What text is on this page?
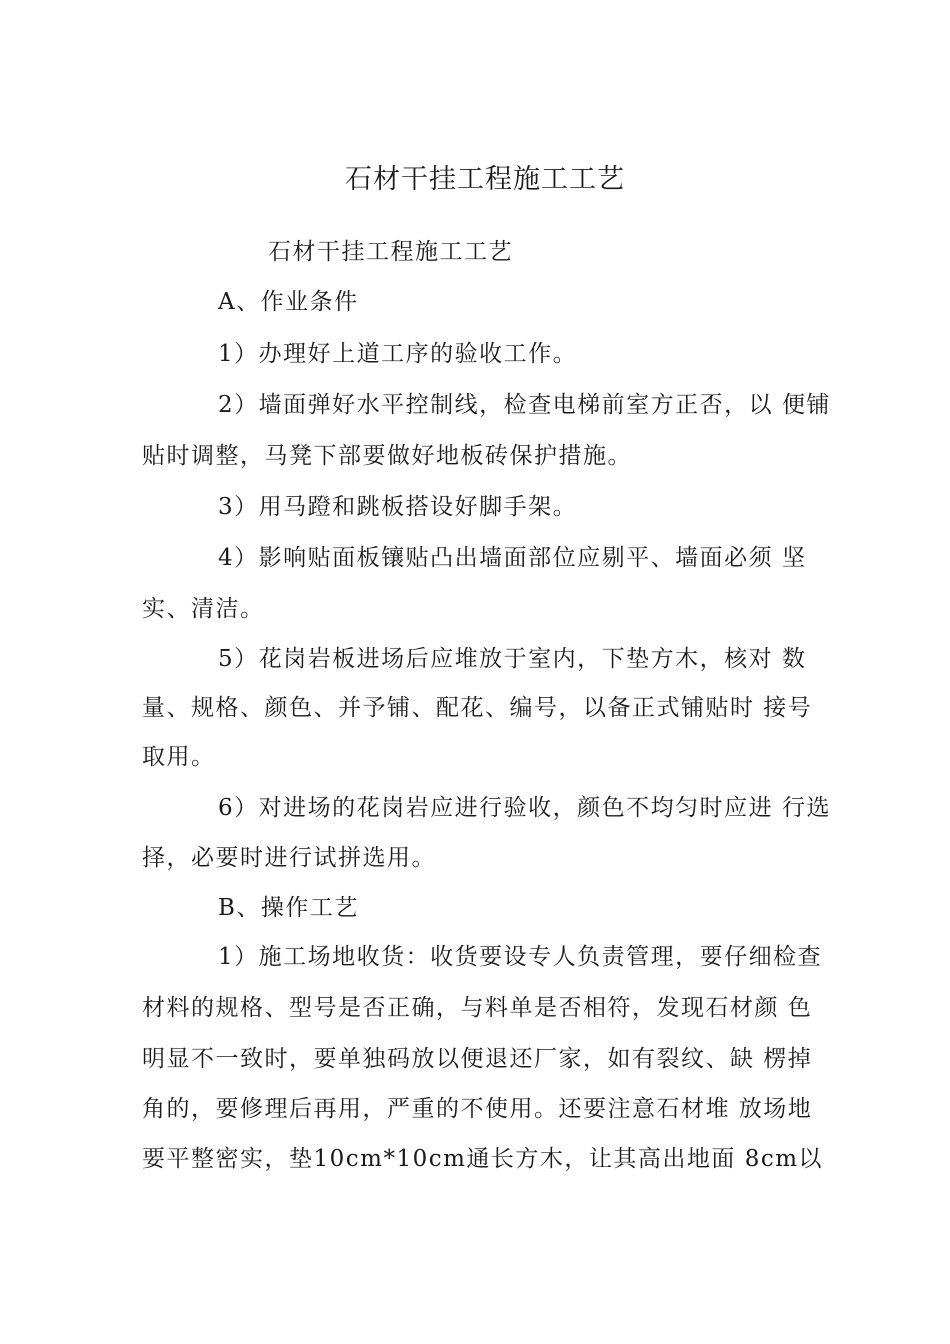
石材干挂工程施工工艺
石材干挂工程施工工艺
A、作业条件
1）办理好上道工序的验收工作。
2）墙面弹好水平控制线，检查电梯前室方正否，以 便铺
贴时调整，马凳下部要做好地板砖保护措施。
3）用马蹬和跳板搭设好脚手架。
4）影响贴面板镶贴凸出墙面部位应剔平、墙面必须 坚
实、清洁。
5）花岗岩板进场后应堆放于室内，下垫方木，核对 数
量、规格、颜色、并予铺、配花、编号，以备正式铺贴时 接号
取用。
6）对进场的花岗岩应进行验收，颜色不均匀时应进 行选
择，必要时进行试拼选用。
B、操作工艺
1）施工场地收货：收货要设专人负责管理，要仔细检查
材料的规格、型号是否正确，与料单是否相符，发现石材颜 色
明显不一致时，要单独码放以便退还厂家，如有裂纹、缺 楞掉
角的，要修理后再用，严重的不使用。还要注意石材堆 放场地
要平整密实，垫10cm*10cm通长方木，让其高出地面 8cm以
